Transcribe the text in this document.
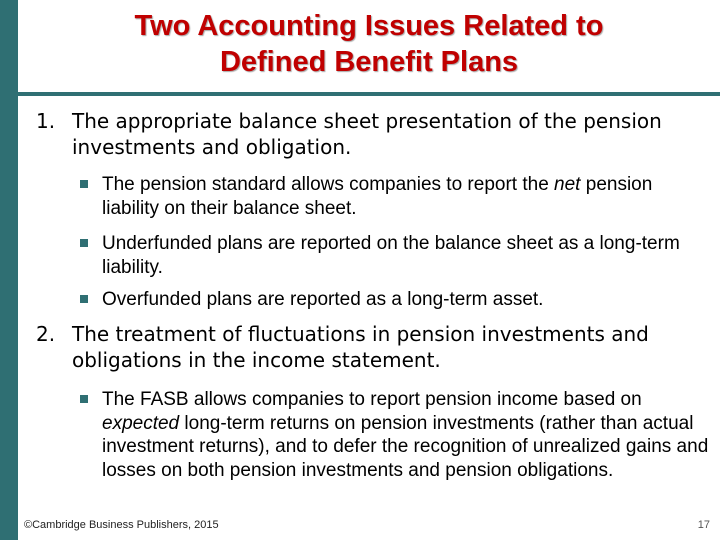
Two Accounting Issues Related to
Defined Benefit Plans
1. The appropriate balance sheet presentation of the pension investments and obligation.
The pension standard allows companies to report the net pension liability on their balance sheet.
Underfunded plans are reported on the balance sheet as a long-term liability.
Overfunded plans are reported as a long-term asset.
2. The treatment of fluctuations in pension investments and obligations in the income statement.
The FASB allows companies to report pension income based on expected long-term returns on pension investments (rather than actual investment returns), and to defer the recognition of unrealized gains and losses on both pension investments and pension obligations.
©Cambridge Business Publishers, 2015	17
